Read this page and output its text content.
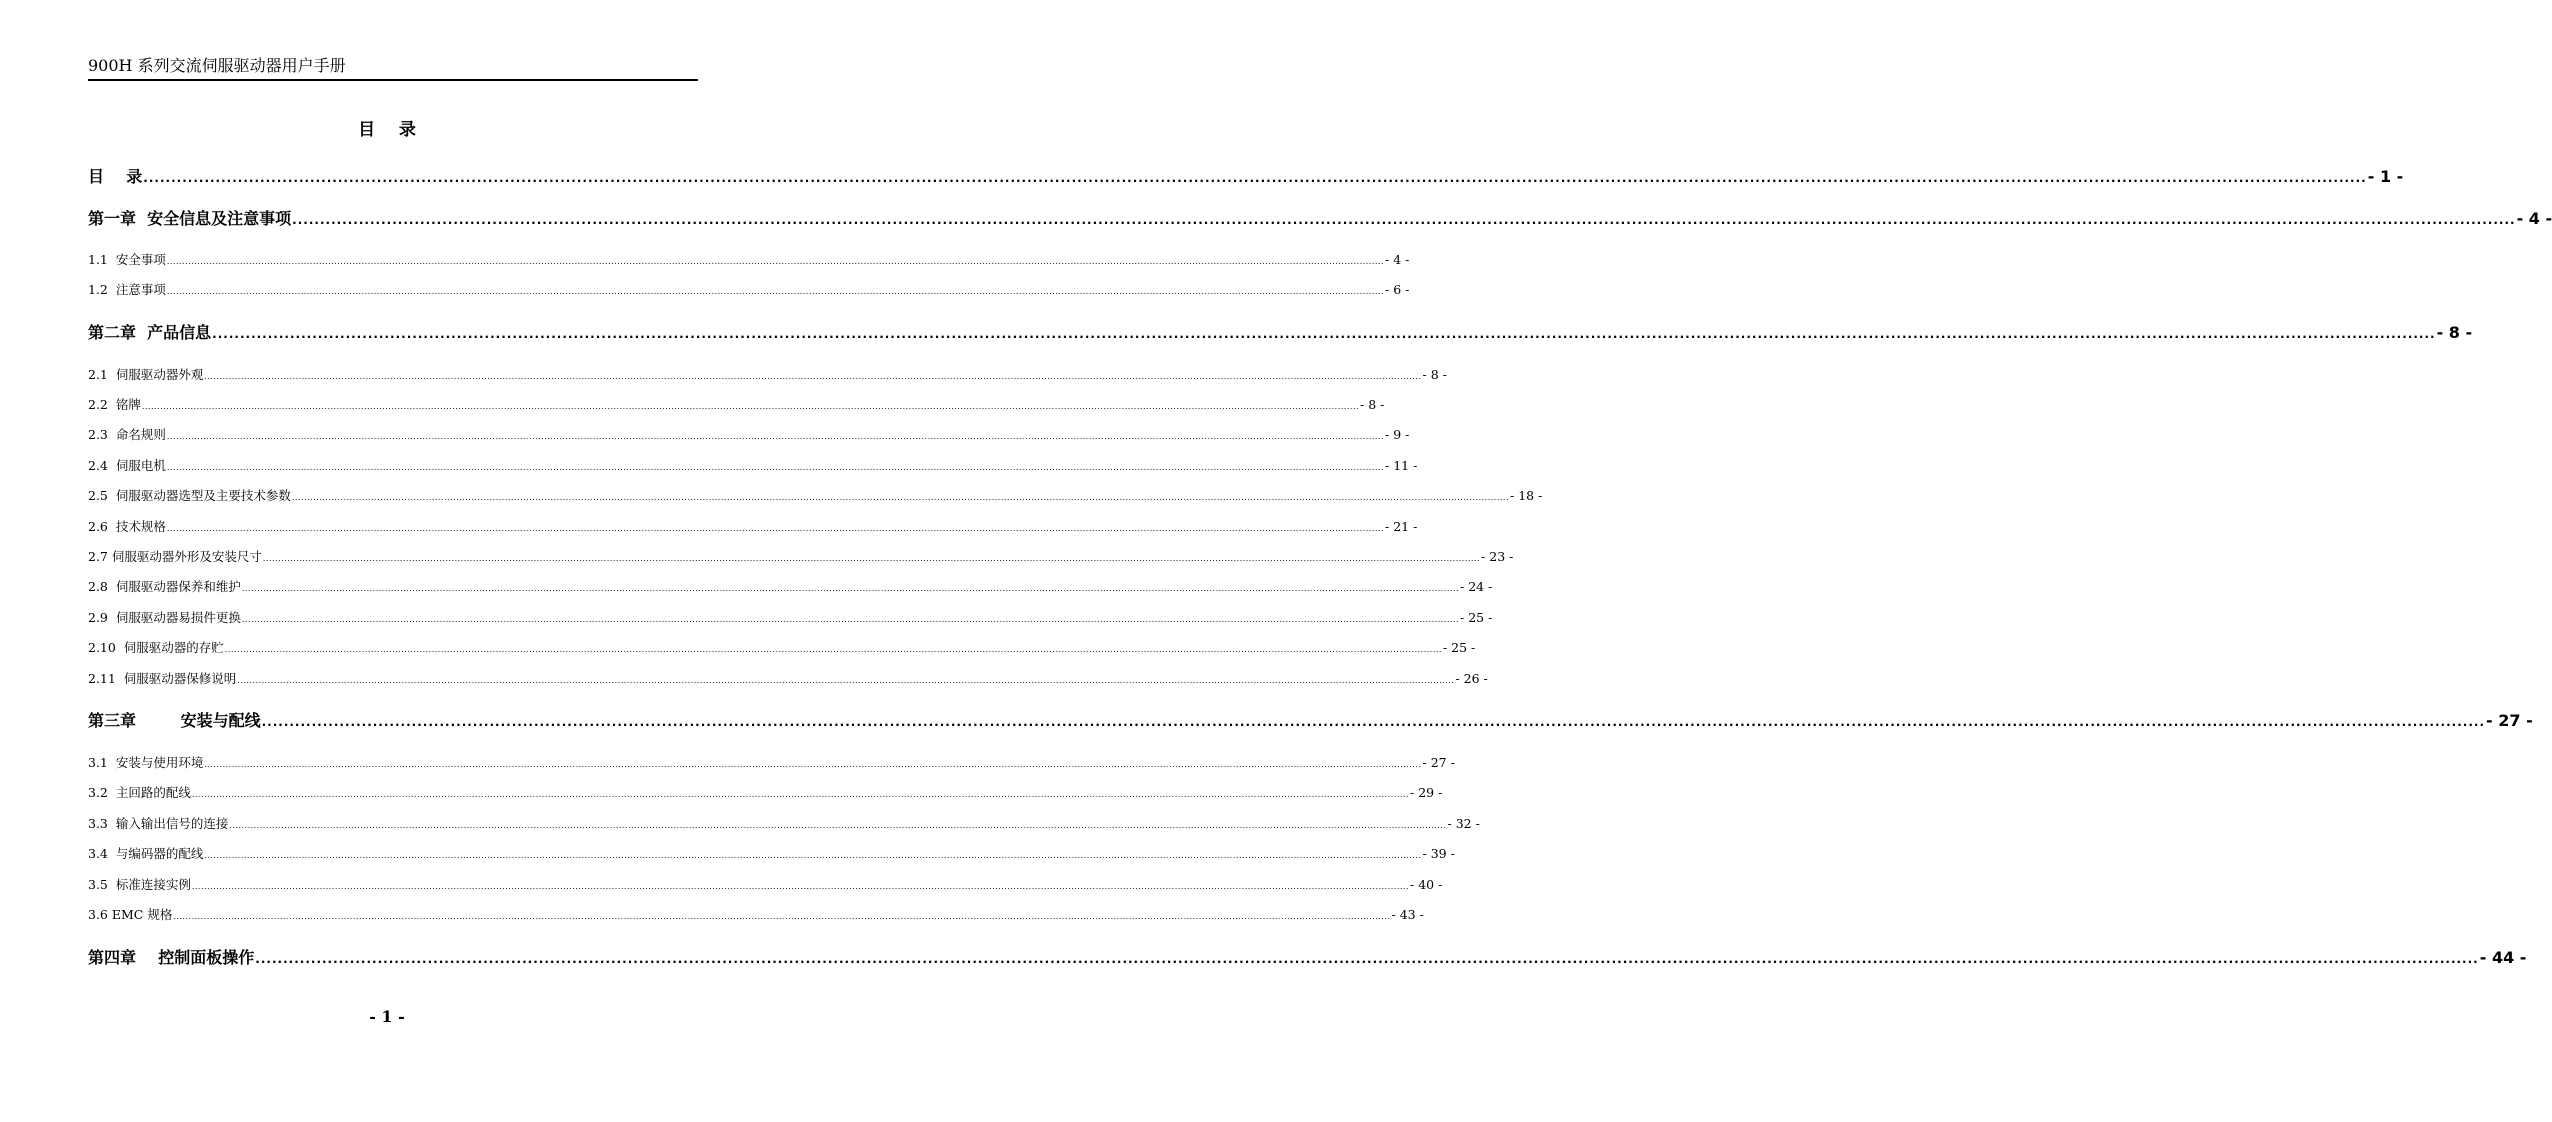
900H 系列交流伺服驱动器用户手册
目    录
目    录 ................................................................................................................................................................................................................................................................................................................................................................................................................ - 1 -
第一章  安全信息及注意事项 ................................................................................................................................................................................................................................................................................................................................................................................................................ - 4 -
1.1  安全事项 ................................................................................................................................................................................................................................................................................................................................................................................................................ - 4 -
1.2  注意事项 ................................................................................................................................................................................................................................................................................................................................................................................................................ - 6 -
第二章  产品信息 ................................................................................................................................................................................................................................................................................................................................................................................................................ - 8 -
2.1  伺服驱动器外观 ................................................................................................................................................................................................................................................................................................................................................................................................................ - 8 -
2.2  铭牌 ................................................................................................................................................................................................................................................................................................................................................................................................................ - 8 -
2.3  命名规则 ................................................................................................................................................................................................................................................................................................................................................................................................................ - 9 -
2.4  伺服电机 ................................................................................................................................................................................................................................................................................................................................................................................................................ - 11 -
2.5  伺服驱动器选型及主要技术参数 ................................................................................................................................................................................................................................................................................................................................................................................................................ - 18 -
2.6  技术规格 ................................................................................................................................................................................................................................................................................................................................................................................................................ - 21 -
2.7 伺服驱动器外形及安装尺寸 ................................................................................................................................................................................................................................................................................................................................................................................................................ - 23 -
2.8  伺服驱动器保养和维护 ................................................................................................................................................................................................................................................................................................................................................................................................................ - 24 -
2.9  伺服驱动器易损件更换 ................................................................................................................................................................................................................................................................................................................................................................................................................ - 25 -
2.10  伺服驱动器的存贮 ................................................................................................................................................................................................................................................................................................................................................................................................................ - 25 -
2.11  伺服驱动器保修说明 ................................................................................................................................................................................................................................................................................................................................................................................................................ - 26 -
第三章        安装与配线 ................................................................................................................................................................................................................................................................................................................................................................................................................ - 27 -
3.1  安装与使用环境 ................................................................................................................................................................................................................................................................................................................................................................................................................ - 27 -
3.2  主回路的配线 ................................................................................................................................................................................................................................................................................................................................................................................................................ - 29 -
3.3  输入输出信号的连接 ................................................................................................................................................................................................................................................................................................................................................................................................................ - 32 -
3.4  与编码器的配线 ................................................................................................................................................................................................................................................................................................................................................................................................................ - 39 -
3.5  标准连接实例 ................................................................................................................................................................................................................................................................................................................................................................................................................ - 40 -
3.6 EMC 规格 ................................................................................................................................................................................................................................................................................................................................................................................................................ - 43 -
第四章    控制面板操作 ................................................................................................................................................................................................................................................................................................................................................................................................................ - 44 -
- 1 -
